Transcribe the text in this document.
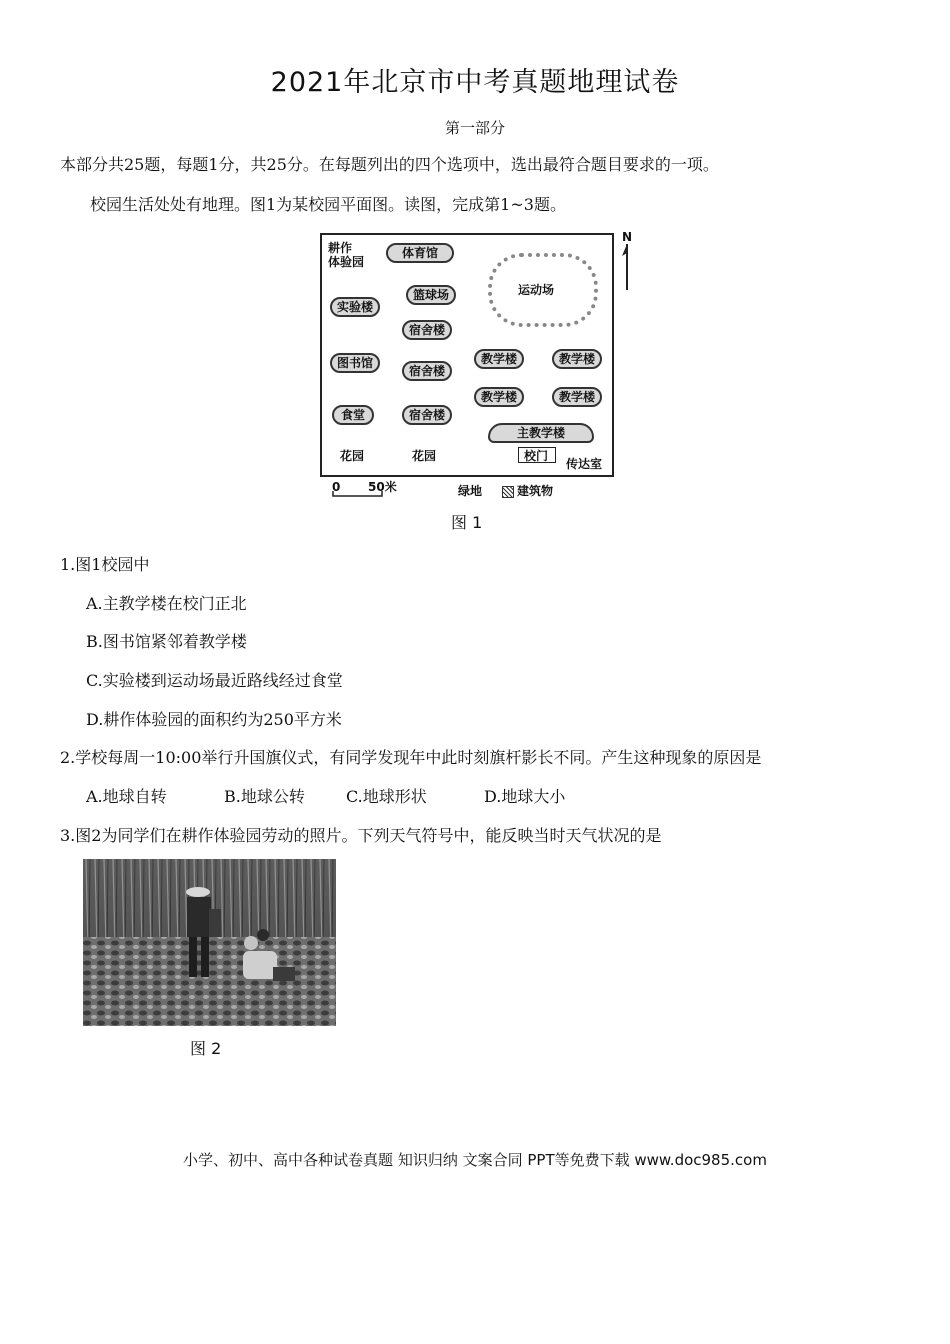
2021年北京市中考真题地理试卷
第一部分
本部分共25题，每题1分，共25分。在每题列出的四个选项中，选出最符合题目要求的一项。
校园生活处处有地理。图1为某校园平面图。读图，完成第1~3题。
耕作
体验园
体育馆
运动场
实验楼
篮球场
宿舍楼
图书馆
宿舍楼
教学楼	教学楼
教学楼	教学楼
食堂	宿舍楼
主教学楼
花园	花园	校门
传达室
N
0 50米	绿地	建筑物
图 1
1.图1校园中
A.主教学楼在校门正北
B.图书馆紧邻着教学楼
C.实验楼到运动场最近路线经过食堂
D.耕作体验园的面积约为250平方米
2.学校每周一10:00举行升国旗仪式，有同学发现年中此时刻旗杆影长不同。产生这种现象的原因是
A.地球自转	B.地球公转	C.地球形状	D.地球大小
3.图2为同学们在耕作体验园劳动的照片。下列天气符号中，能反映当时天气状况的是
图 2
小学、初中、高中各种试卷真题 知识归纳 文案合同 PPT等免费下载 www.doc985.com
